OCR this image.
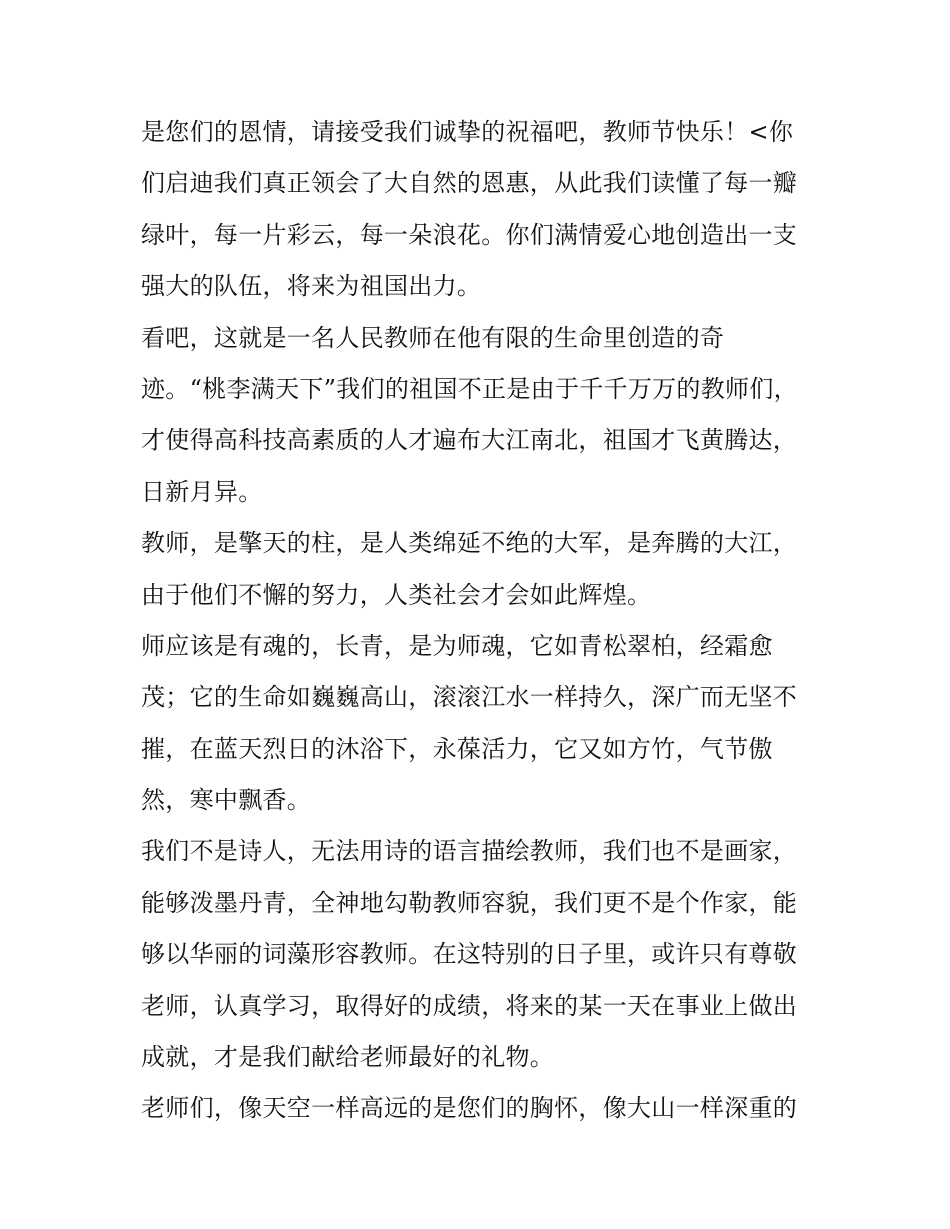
是您们的恩情，请接受我们诚挚的祝福吧，教师节快乐！<你
们启迪我们真正领会了大自然的恩惠，从此我们读懂了每一瓣
绿叶，每一片彩云，每一朵浪花。你们满情爱心地创造出一支
强大的队伍，将来为祖国出力。
看吧，这就是一名人民教师在他有限的生命里创造的奇
迹。“桃李满天下”我们的祖国不正是由于千千万万的教师们，
才使得高科技高素质的人才遍布大江南北，祖国才飞黄腾达，
日新月异。
教师，是擎天的柱，是人类绵延不绝的大军，是奔腾的大江，
由于他们不懈的努力，人类社会才会如此辉煌。
师应该是有魂的，长青，是为师魂，它如青松翠柏，经霜愈
茂；它的生命如巍巍高山，滚滚江水一样持久，深广而无坚不
摧，在蓝天烈日的沐浴下，永葆活力，它又如方竹，气节傲
然，寒中飘香。
我们不是诗人，无法用诗的语言描绘教师，我们也不是画家，
能够泼墨丹青，全神地勾勒教师容貌，我们更不是个作家，能
够以华丽的词藻形容教师。在这特别的日子里，或许只有尊敬
老师，认真学习，取得好的成绩，将来的某一天在事业上做出
成就，才是我们献给老师最好的礼物。
老师们，像天空一样高远的是您们的胸怀，像大山一样深重的
